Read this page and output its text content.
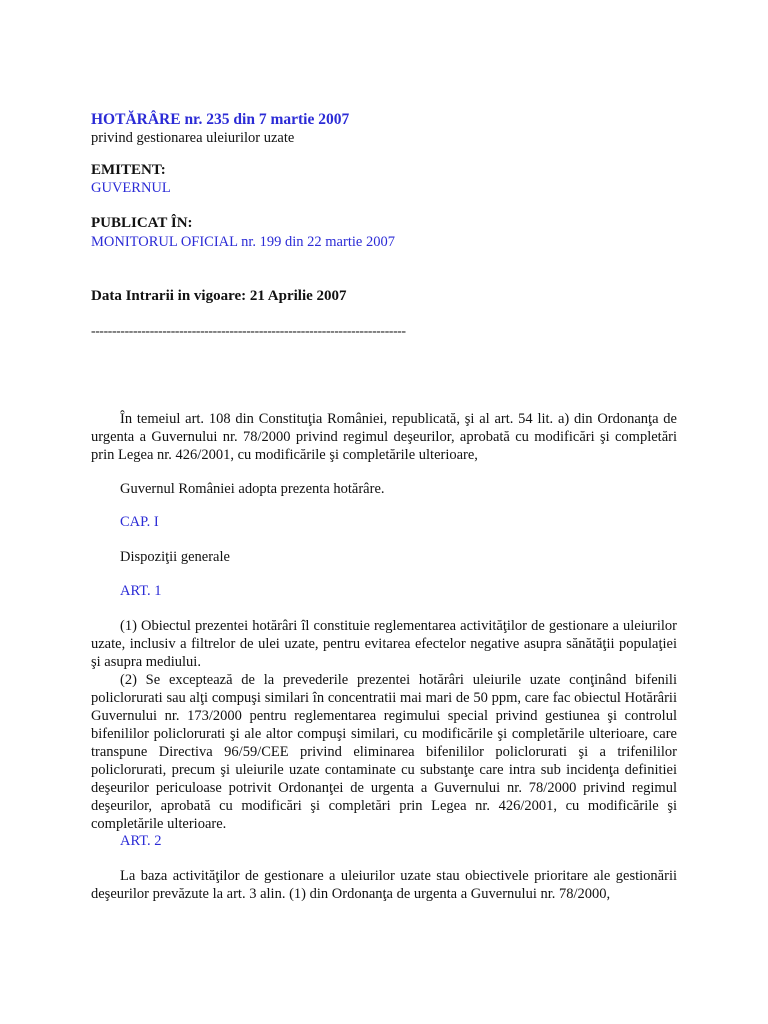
HOTĂRÂRE nr. 235 din 7 martie 2007
privind gestionarea uleiurilor uzate
EMITENT:
GUVERNUL
PUBLICAT ÎN:
MONITORUL OFICIAL nr. 199 din 22 martie 2007
Data Intrarii in vigoare: 21 Aprilie 2007
---------------------------------------------------------------------------
În temeiul art. 108 din Constituţia României, republicată, şi al art. 54 lit. a) din Ordonanţa de urgenta a Guvernului nr. 78/2000 privind regimul deşeurilor, aprobată cu modificări şi completări prin Legea nr. 426/2001, cu modificările şi completările ulterioare,
Guvernul României adopta prezenta hotărâre.
CAP. I
Dispoziţii generale
ART. 1
(1) Obiectul prezentei hotărâri îl constituie reglementarea activităţilor de gestionare a uleiurilor uzate, inclusiv a filtrelor de ulei uzate, pentru evitarea efectelor negative asupra sănătăţii populaţiei şi asupra mediului.
(2) Se exceptează de la prevederile prezentei hotărâri uleiurile uzate conţinând bifenili policlorurati sau alţi compuşi similari în concentratii mai mari de 50 ppm, care fac obiectul Hotărârii Guvernului nr. 173/2000 pentru reglementarea regimului special privind gestiunea şi controlul bifenililor policlorurati şi ale altor compuşi similari, cu modificările şi completările ulterioare, care transpune Directiva 96/59/CEE privind eliminarea bifenililor policlorurati şi a trifenililor policlorurati, precum şi uleiurile uzate contaminate cu substanţe care intra sub incidenţa definitiei deşeurilor periculoase potrivit Ordonanţei de urgenta a Guvernului nr. 78/2000 privind regimul deşeurilor, aprobată cu modificări şi completări prin Legea nr. 426/2001, cu modificările şi completările ulterioare.
ART. 2
La baza activităţilor de gestionare a uleiurilor uzate stau obiectivele prioritare ale gestionării deşeurilor prevăzute la art. 3 alin. (1) din Ordonanţa de urgenta a Guvernului nr. 78/2000,
